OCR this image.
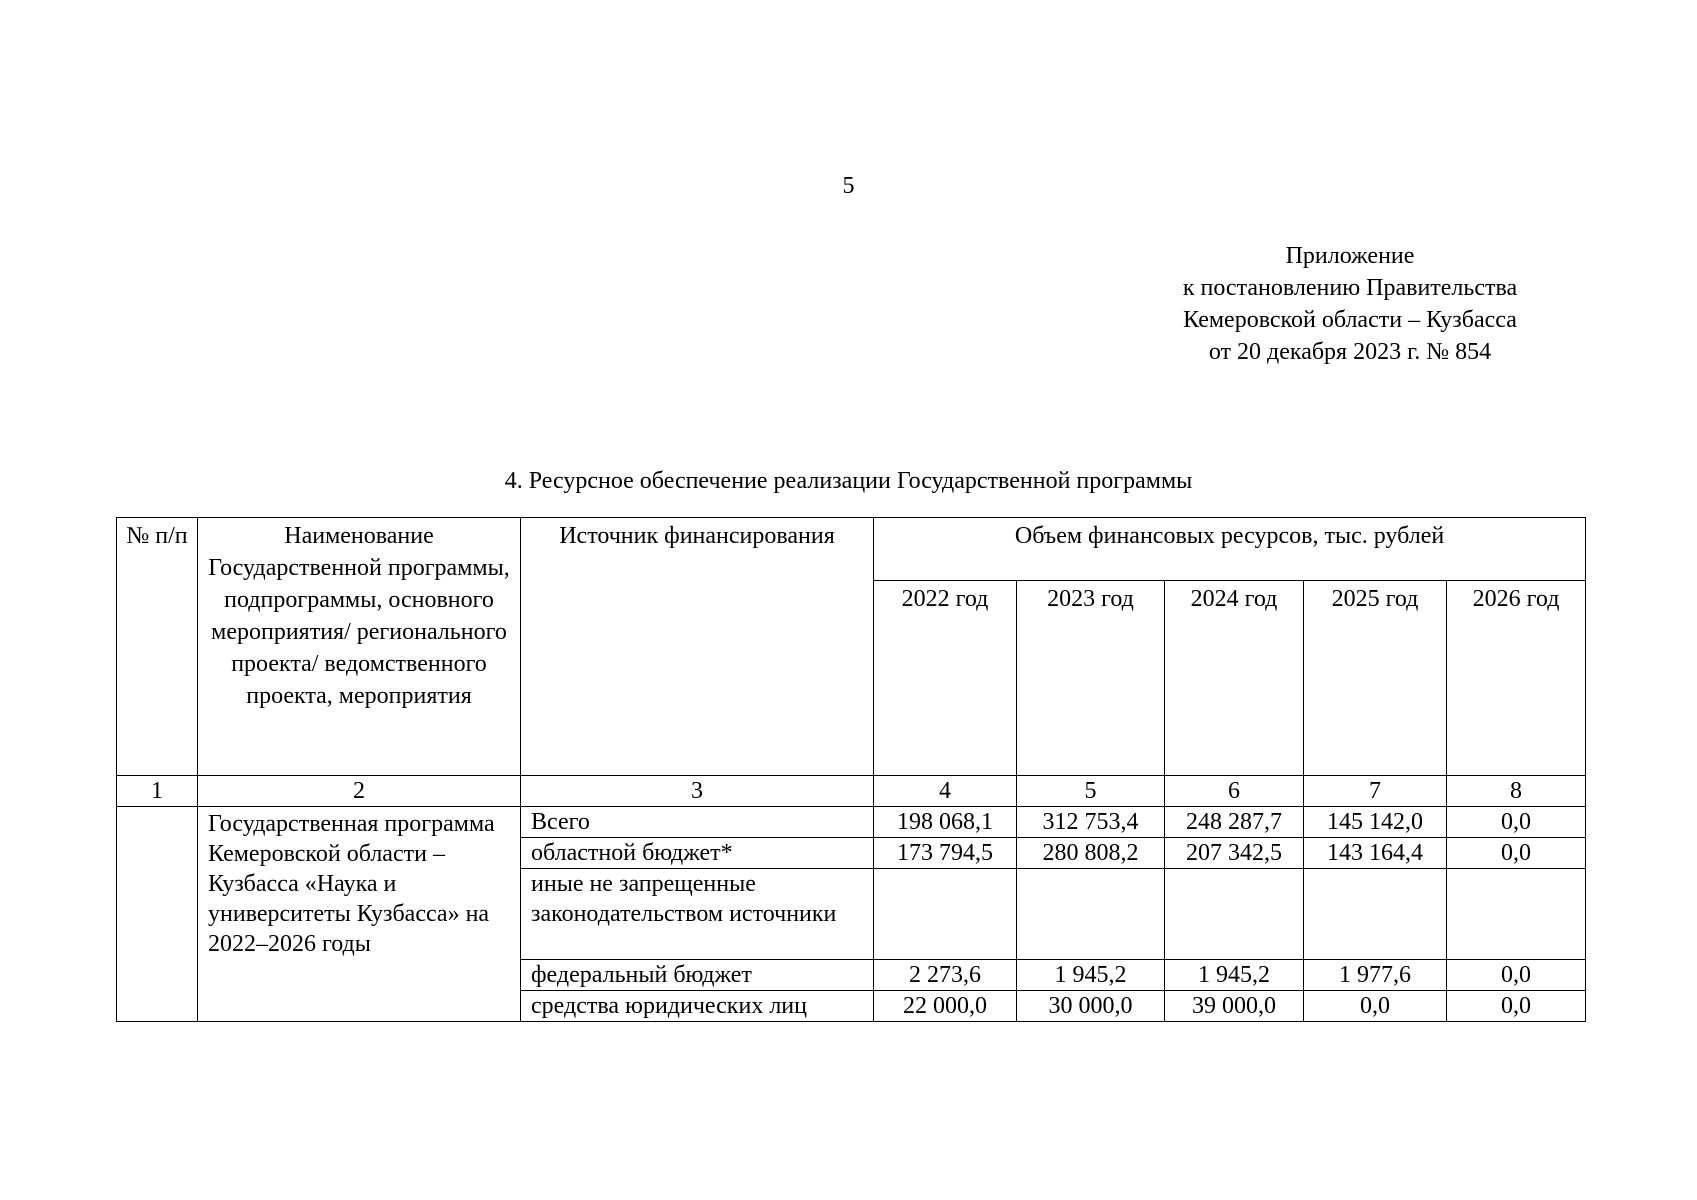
5
Приложение
к постановлению Правительства
Кемеровской области – Кузбасса
от 20 декабря 2023 г. № 854
4. Ресурсное обеспечение реализации Государственной программы
№ п/п	Наименование Государственной программы, подпрограммы, основного мероприятия/ регионального проекта/ ведомственного проекта, мероприятия	Источник финансирования	Объем финансовых ресурсов, тыс. рублей				
			2022 год	2023 год	2024 год	2025 год	2026 год
1	2	3	4	5	6	7	8
	Государственная программа Кемеровской области – Кузбасса «Наука и университеты Кузбасса» на 2022–2026 годы	Всего	198 068,1	312 753,4	248 287,7	145 142,0	0,0
		областной бюджет*	173 794,5	280 808,2	207 342,5	143 164,4	0,0
		иные не запрещенные законодательством источники					
		федеральный бюджет	2 273,6	1 945,2	1 945,2	1 977,6	0,0
		средства юридических лиц	22 000,0	30 000,0	39 000,0	0,0	0,0
